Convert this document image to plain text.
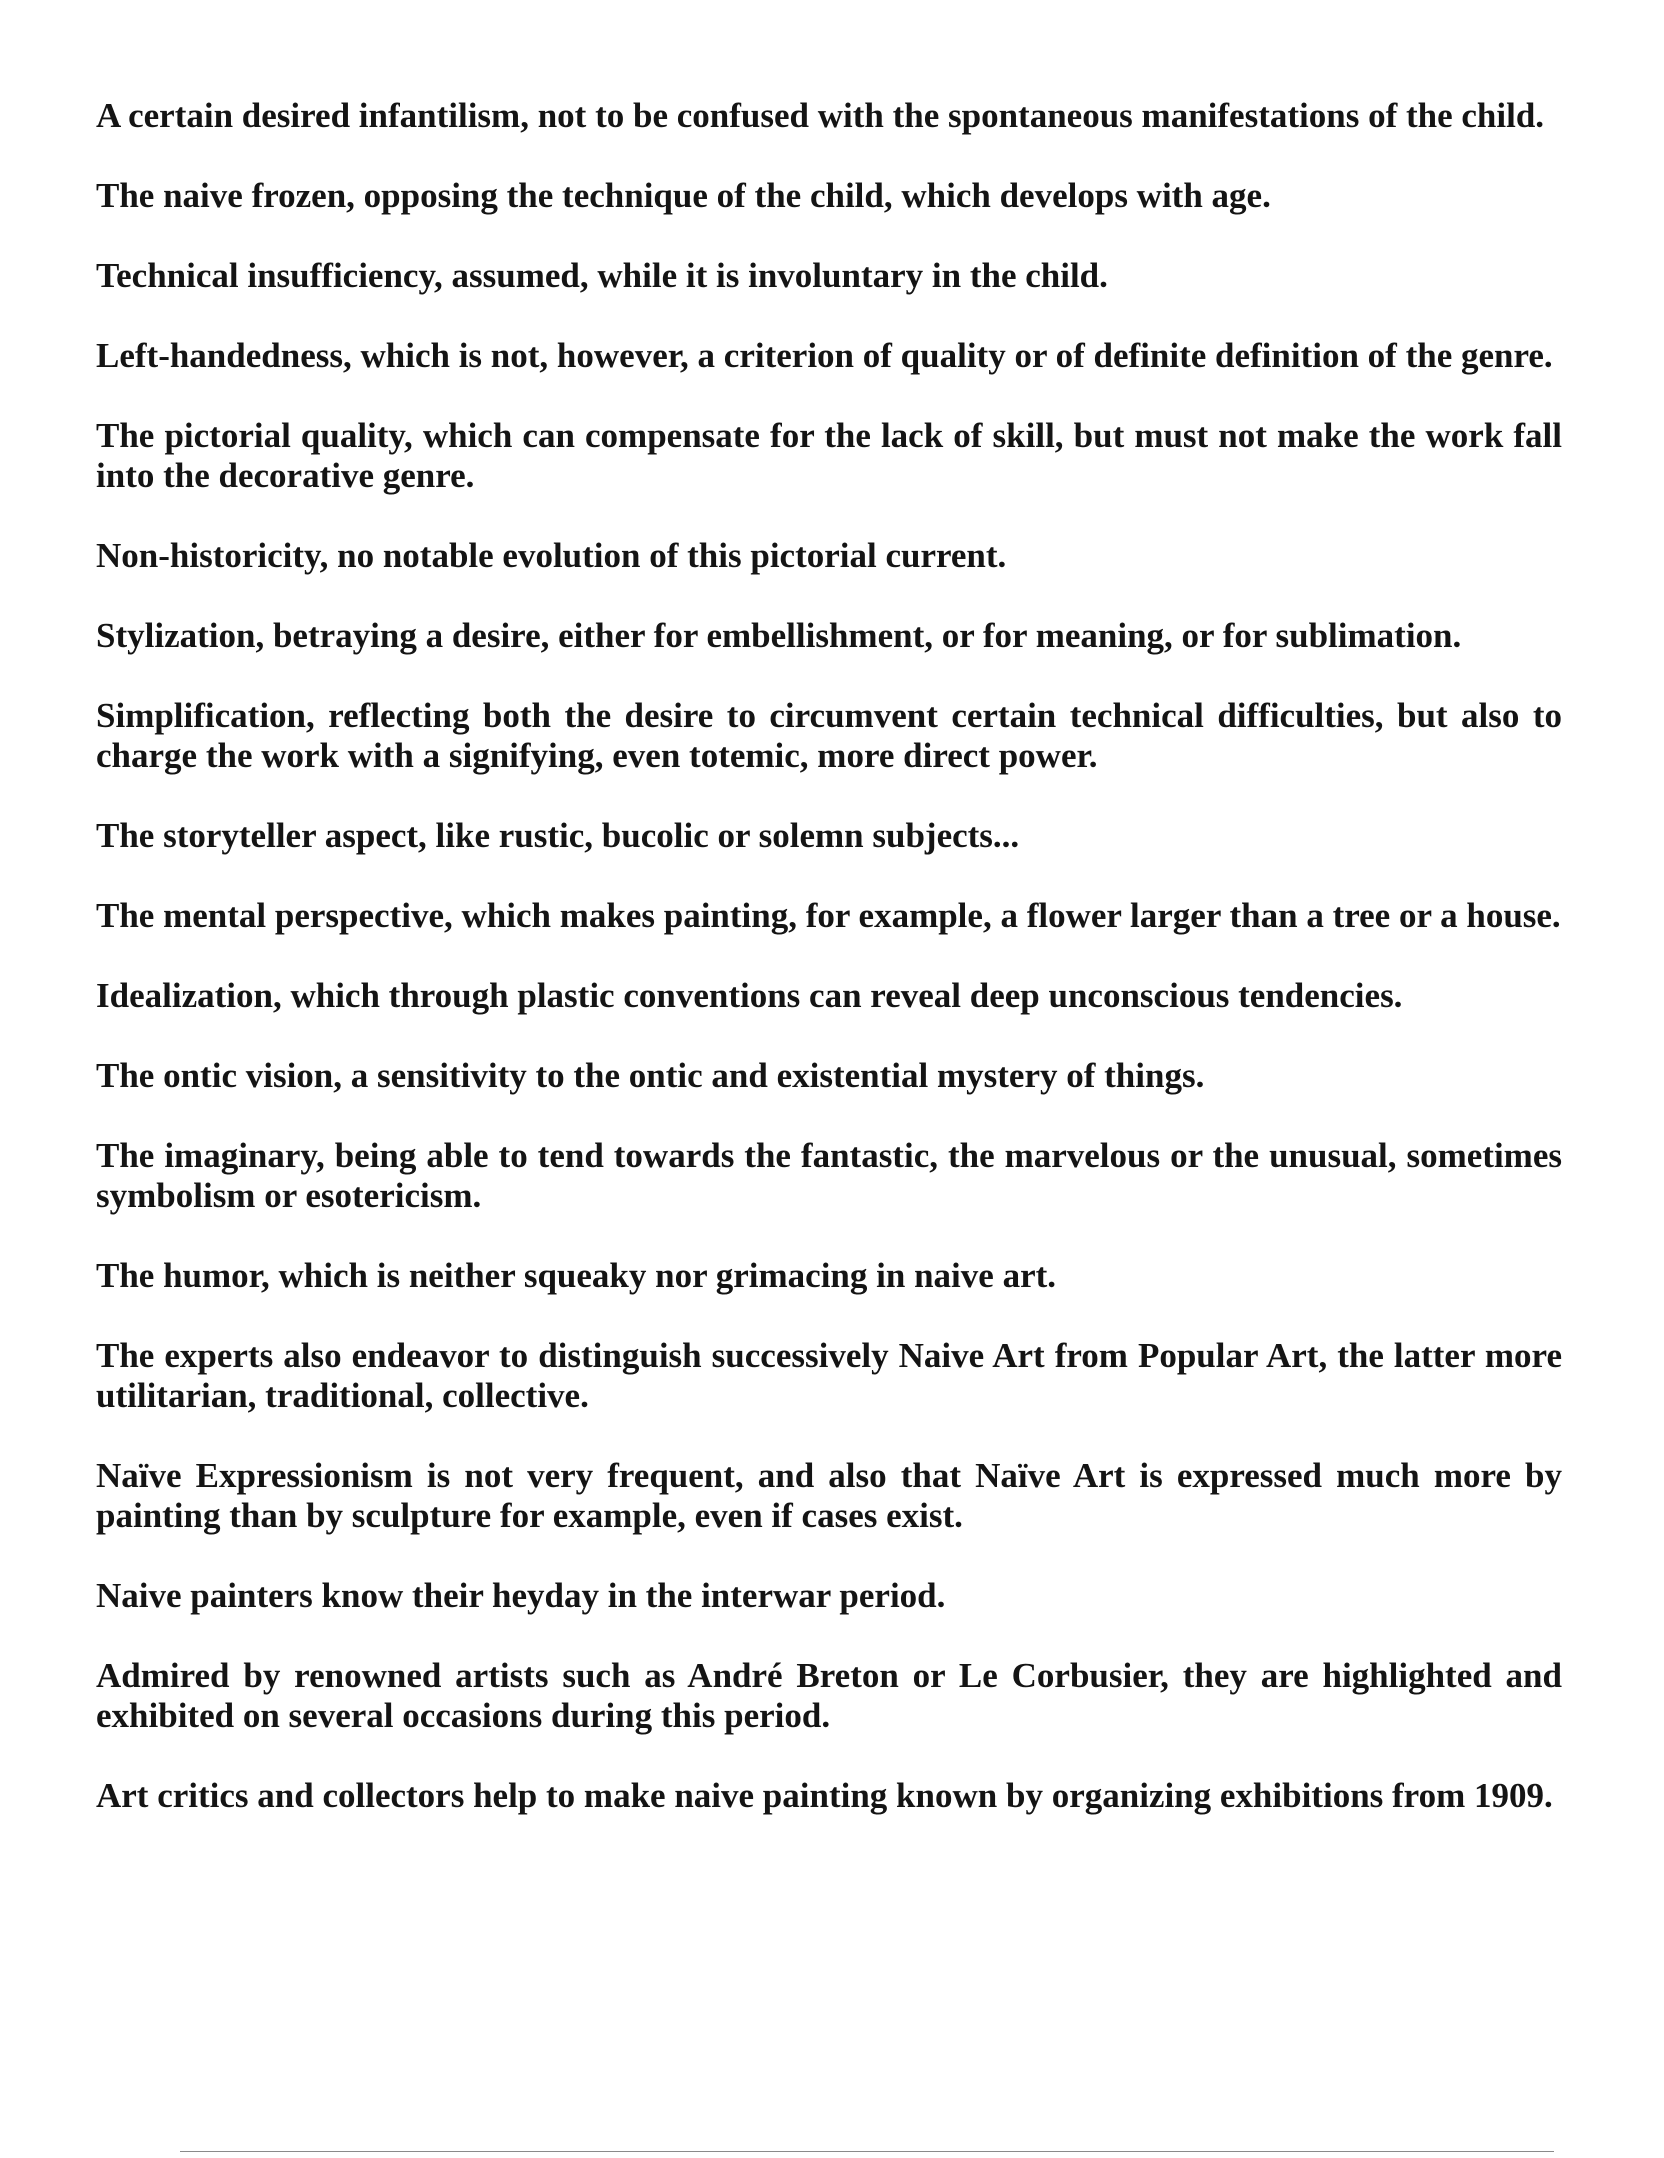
A certain desired infantilism, not to be confused with the spontaneous manifestations of the child.

The naive frozen, opposing the technique of the child, which develops with age.

Technical insufficiency, assumed, while it is involuntary in the child.

Left-handedness, which is not, however, a criterion of quality or of definite definition of the genre.

The pictorial quality, which can compensate for the lack of skill, but must not make the work fall into the decorative genre.

Non-historicity, no notable evolution of this pictorial current.

Stylization, betraying a desire, either for embellishment, or for meaning, or for sublimation.

Simplification, reflecting both the desire to circumvent certain technical difficulties, but also to charge the work with a signifying, even totemic, more direct power.

The storyteller aspect, like rustic, bucolic or solemn subjects...

The mental perspective, which makes painting, for example, a flower larger than a tree or a house.

Idealization, which through plastic conventions can reveal deep unconscious tendencies.

The ontic vision, a sensitivity to the ontic and existential mystery of things.

The imaginary, being able to tend towards the fantastic, the marvelous or the unusual, sometimes symbolism or esotericism.

The humor, which is neither squeaky nor grimacing in naive art.

The experts also endeavor to distinguish successively Naive Art from Popular Art, the latter more utilitarian, traditional, collective.

Naïve Expressionism is not very frequent, and also that Naïve Art is expressed much more by painting than by sculpture for example, even if cases exist.

Naive painters know their heyday in the interwar period.

Admired by renowned artists such as André Breton or Le Corbusier, they are highlighted and exhibited on several occasions during this period.

Art critics and collectors help to make naive painting known by organizing exhibitions from 1909.
